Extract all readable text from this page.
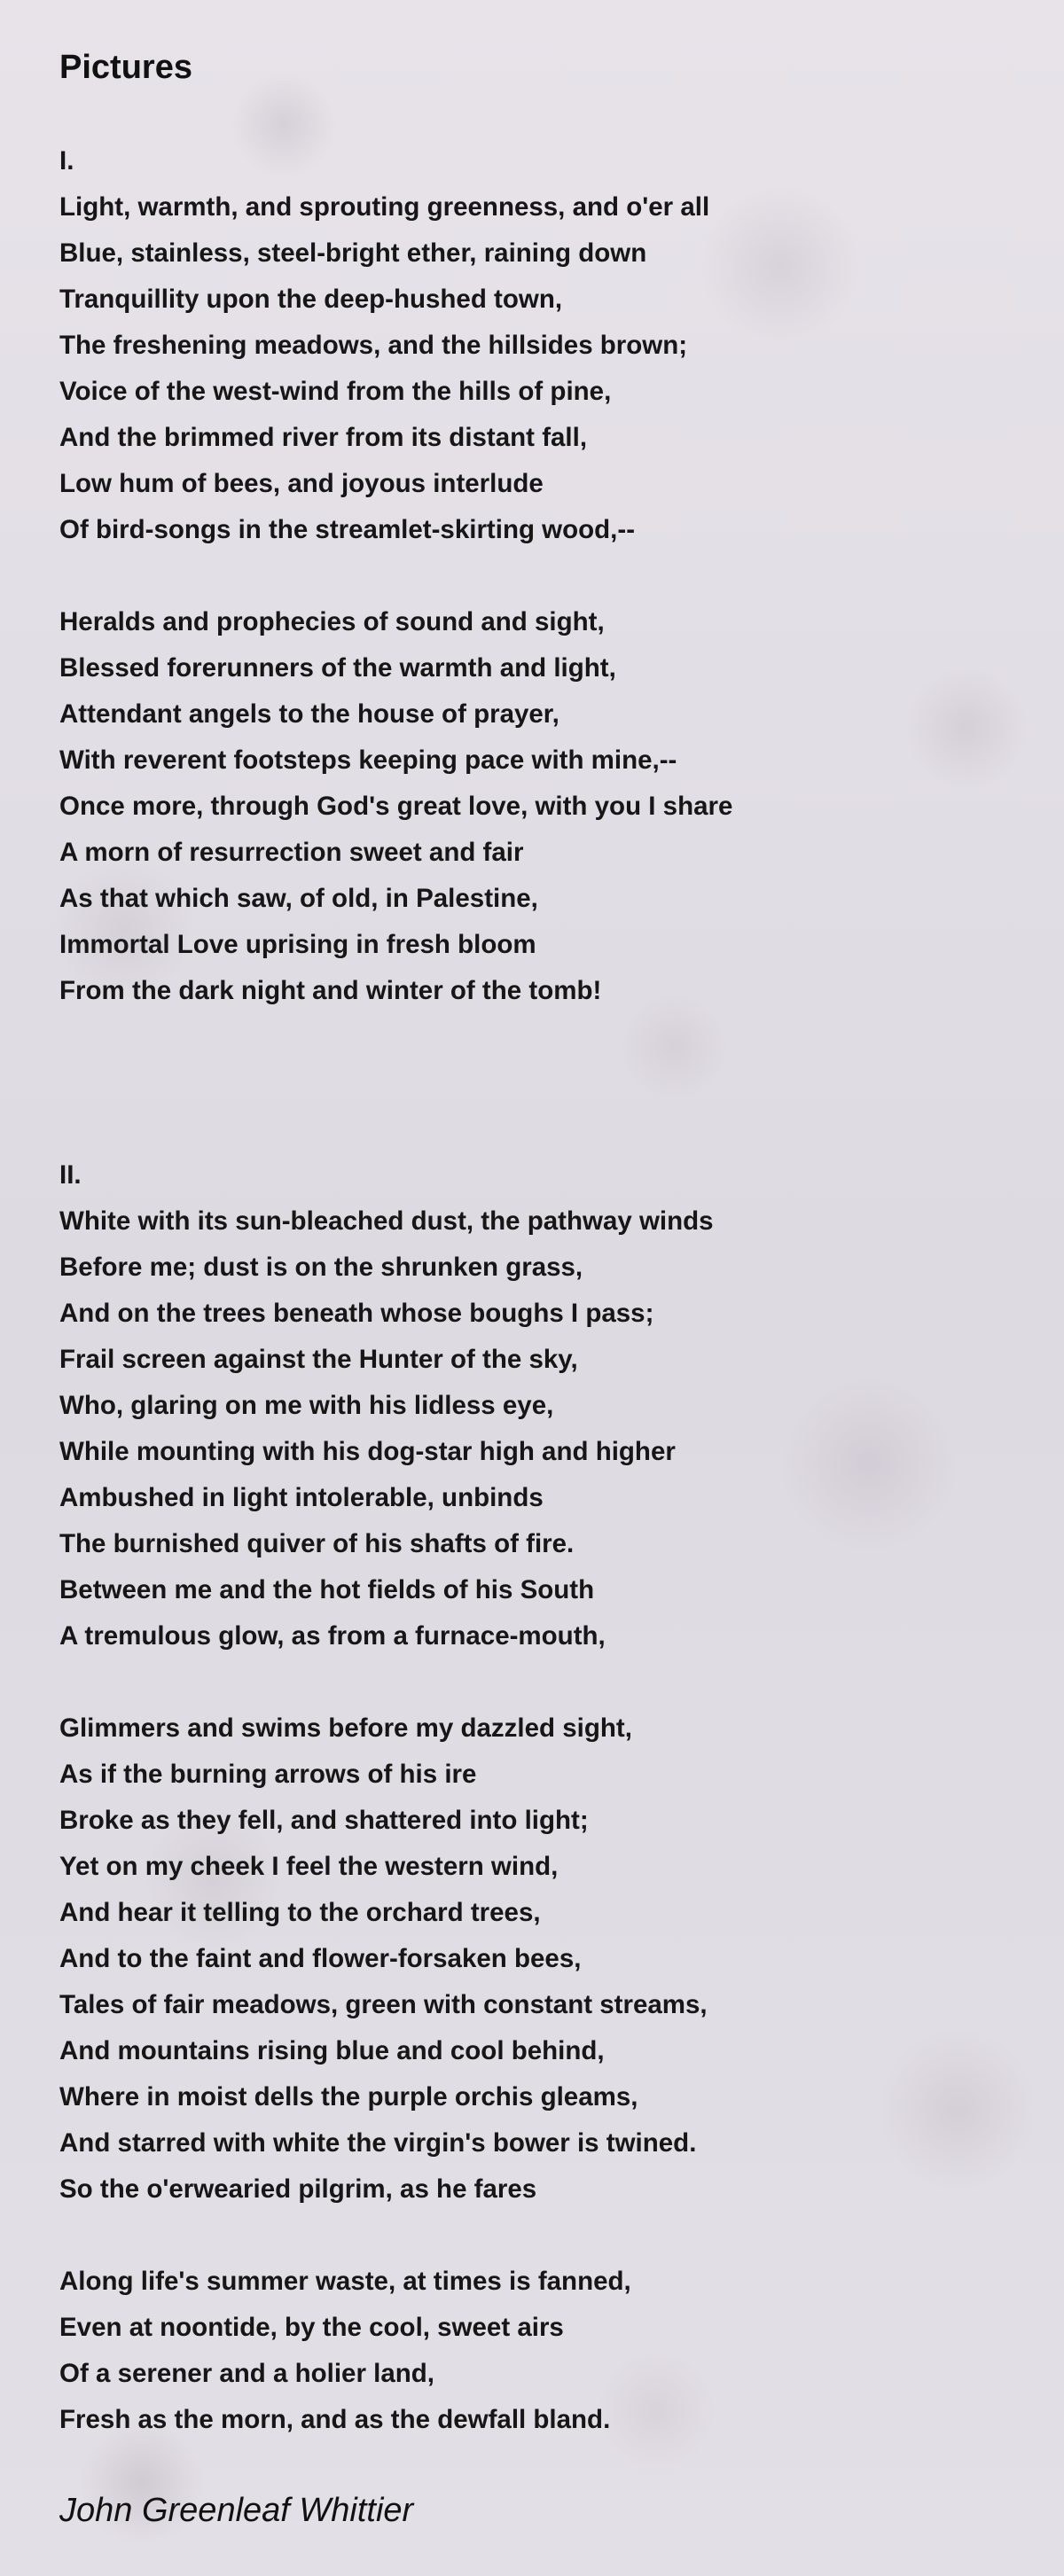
Pictures
I.
Light, warmth, and sprouting greenness, and o'er all
Blue, stainless, steel-bright ether, raining down
Tranquillity upon the deep-hushed town,
The freshening meadows, and the hillsides brown;
Voice of the west-wind from the hills of pine,
And the brimmed river from its distant fall,
Low hum of bees, and joyous interlude
Of bird-songs in the streamlet-skirting wood,--
Heralds and prophecies of sound and sight,
Blessed forerunners of the warmth and light,
Attendant angels to the house of prayer,
With reverent footsteps keeping pace with mine,--
Once more, through God's great love, with you I share
A morn of resurrection sweet and fair
As that which saw, of old, in Palestine,
Immortal Love uprising in fresh bloom
From the dark night and winter of the tomb!
II.
White with its sun-bleached dust, the pathway winds
Before me; dust is on the shrunken grass,
And on the trees beneath whose boughs I pass;
Frail screen against the Hunter of the sky,
Who, glaring on me with his lidless eye,
While mounting with his dog-star high and higher
Ambushed in light intolerable, unbinds
The burnished quiver of his shafts of fire.
Between me and the hot fields of his South
A tremulous glow, as from a furnace-mouth,
Glimmers and swims before my dazzled sight,
As if the burning arrows of his ire
Broke as they fell, and shattered into light;
Yet on my cheek I feel the western wind,
And hear it telling to the orchard trees,
And to the faint and flower-forsaken bees,
Tales of fair meadows, green with constant streams,
And mountains rising blue and cool behind,
Where in moist dells the purple orchis gleams,
And starred with white the virgin's bower is twined.
So the o'erwearied pilgrim, as he fares
Along life's summer waste, at times is fanned,
Even at noontide, by the cool, sweet airs
Of a serener and a holier land,
Fresh as the morn, and as the dewfall bland.
John Greenleaf Whittier
